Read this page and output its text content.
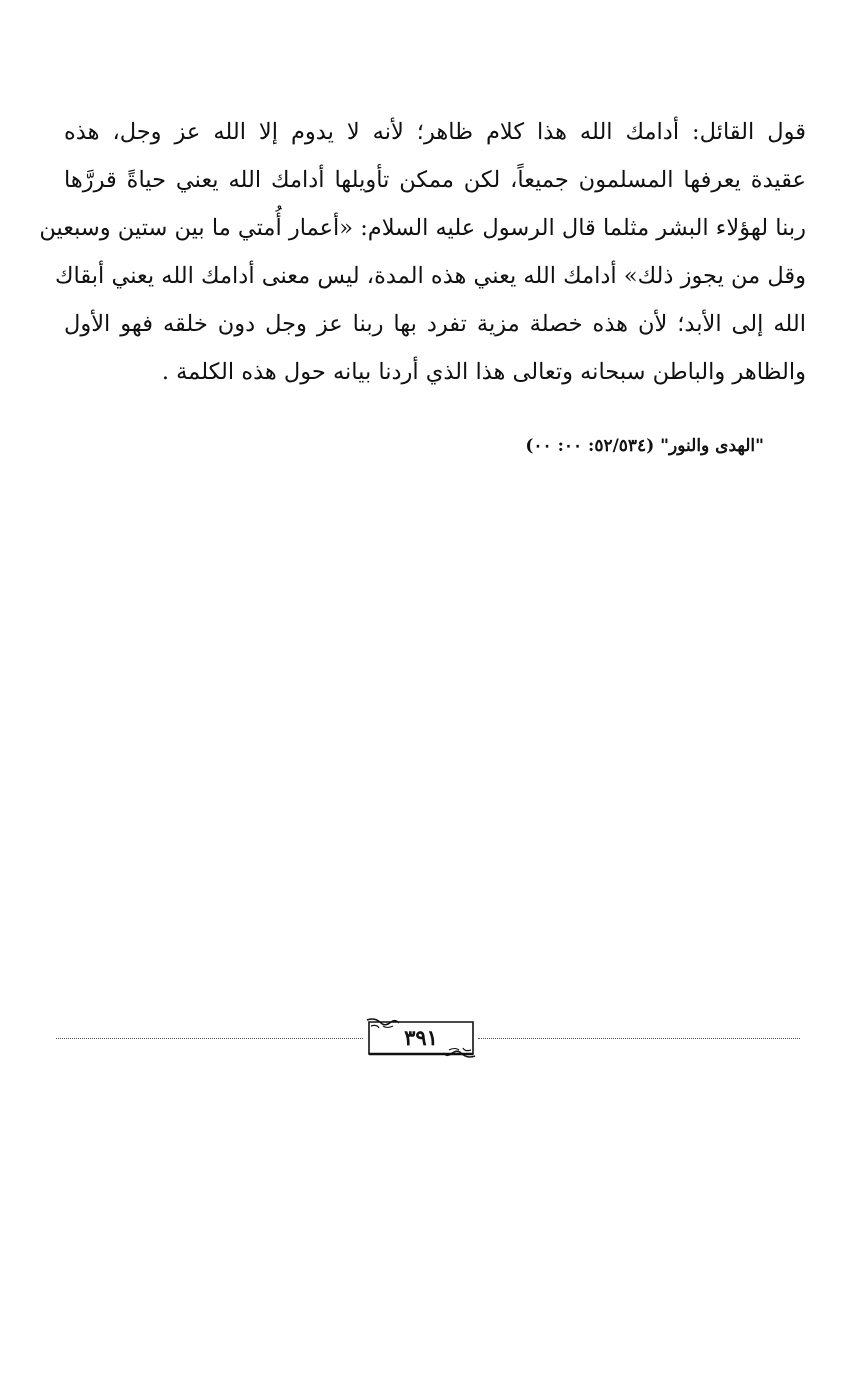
قول القائل: أدامك الله هذا كلام ظاهر؛ لأنه لا يدوم إلا الله عز وجل، هذه
عقيدة يعرفها المسلمون جميعاً، لكن ممكن تأويلها أدامك الله يعني حياةً قررَّها
ربنا لهؤلاء البشر مثلما قال الرسول عليه السلام: «أعمار أُمتي ما بين ستين وسبعين
وقل من يجوز ذلك» أدامك الله يعني هذه المدة، ليس معنى أدامك الله يعني أبقاك
الله إلى الأبد؛ لأن هذه خصلة مزية تفرد بها ربنا عز وجل دون خلقه فهو الأول
والظاهر والباطن سبحانه وتعالى هذا الذي أردنا بيانه حول هذه الكلمة .
"الهدى والنور" (٥٢/٥٣٤: ٠٠: ٠٠)
٣٩١
